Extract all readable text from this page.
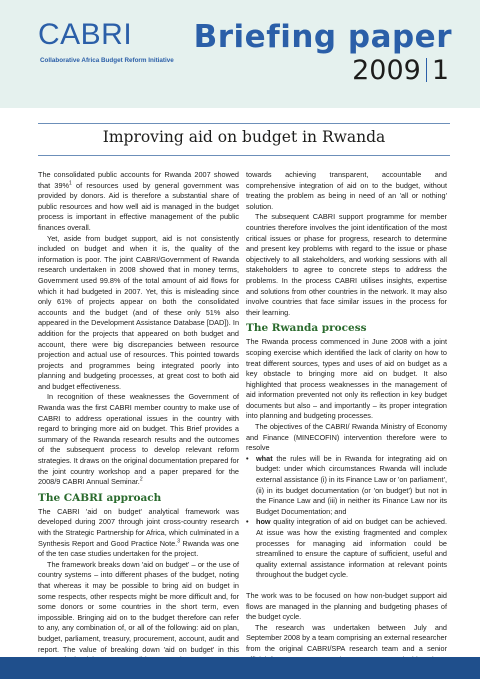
CABRI
Collaborative Africa Budget Reform Initiative
Briefing paper
2009 1
Improving aid on budget in Rwanda

The consolidated public accounts for Rwanda 2007 showed that 39%$^1$ of resources used by general government was provided by donors. Aid is therefore a substantial share of public resources and how well aid is managed in the budget process is important in effective management of the public finances overall.

Yet, aside from budget support, aid is not consistently included on budget and when it is, the quality of the information is poor. The joint CABRI/Government of Rwanda research undertaken in 2008 showed that in money terms, Government used 99.8% of the total amount of aid flows for which it had budgeted in 2007. Yet, this is misleading since only 61% of projects appear on both the consolidated accounts and the budget (and of these only 51% also appeared in the Development Assistance Database [DAD]). In addition for the projects that appeared on both budget and account, there were big discrepancies between resource projection and actual use of resources. This pointed towards projects and programmes being integrated poorly into planning and budgeting processes, at great cost to both aid and budget effectiveness.

In recognition of these weaknesses the Government of Rwanda was the first CABRI member country to make use of CABRI to address operational issues in the country with regard to bringing more aid on budget. This Brief provides a summary of the Rwanda research results and the outcomes of the subsequent process to develop relevant reform strategies. It draws on the original documentation prepared for the joint country workshop and a paper prepared for the 2008/9 CABRI Annual Seminar.$^2$

The CABRI approach

The CABRI 'aid on budget' analytical framework was developed during 2007 through joint cross-country research with the Strategic Partnership for Africa, which culminated in a Synthesis Report and Good Practice Note.$^3$ Rwanda was one of the ten case studies undertaken for the project.

The framework breaks down 'aid on budget' – or the use of country systems – into different phases of the budget, noting that whereas it may be possible to bring aid on budget in some respects, other respects might be more difficult and, for some donors or some countries in the short term, even impossible. Bringing aid on to the budget therefore can refer to any, any combination of, or all of the following: aid on plan, budget, parliament, treasury, procurement, account, audit and report. The value of breaking down 'aid on budget' in this

towards achieving transparent, accountable and comprehensive integration of aid on to the budget, without treating the problem as being in need of an 'all or nothing' solution.

The subsequent CABRI support programme for member countries therefore involves the joint identification of the most critical issues or phase for progress, research to determine and present key problems with regard to the issue or phase objectively to all stakeholders, and working sessions with all stakeholders to agree to concrete steps to address the problems. In the process CABRI utilises insights, expertise and solutions from other countries in the network. It may also involve countries that face similar issues in the process for their learning.

The Rwanda process

The Rwanda process commenced in June 2008 with a joint scoping exercise which identified the lack of clarity on how to treat different sources, types and uses of aid on budget as a key obstacle to bringing more aid on budget. It also highlighted that process weaknesses in the management of aid information prevented not only its reflection in key budget documents but also – and importantly – its proper integration into planning and budgeting processes.

The objectives of the CABRI/ Rwanda Ministry of Economy and Finance (MINECOFIN) intervention therefore were to resolve

• what the rules will be in Rwanda for integrating aid on budget: under which circumstances Rwanda will include external assistance (i) in its Finance Law or 'on parliament', (ii) in its budget documentation (or 'on budget') but not in the Finance Law and (iii) in neither its Finance Law nor its Budget Documentation; and
• how quality integration of aid on budget can be achieved. At issue was how the existing fragmented and complex processes for managing aid information could be streamlined to ensure the capture of sufficient, useful and quality external assistance information at relevant points throughout the budget cycle.

The work was to be focused on how non-budget support aid flows are managed in the planning and budgeting phases of the budget cycle.

The research was undertaken between July and September 2008 by a team comprising an external researcher from the original CABRI/SPA research team and a senior
